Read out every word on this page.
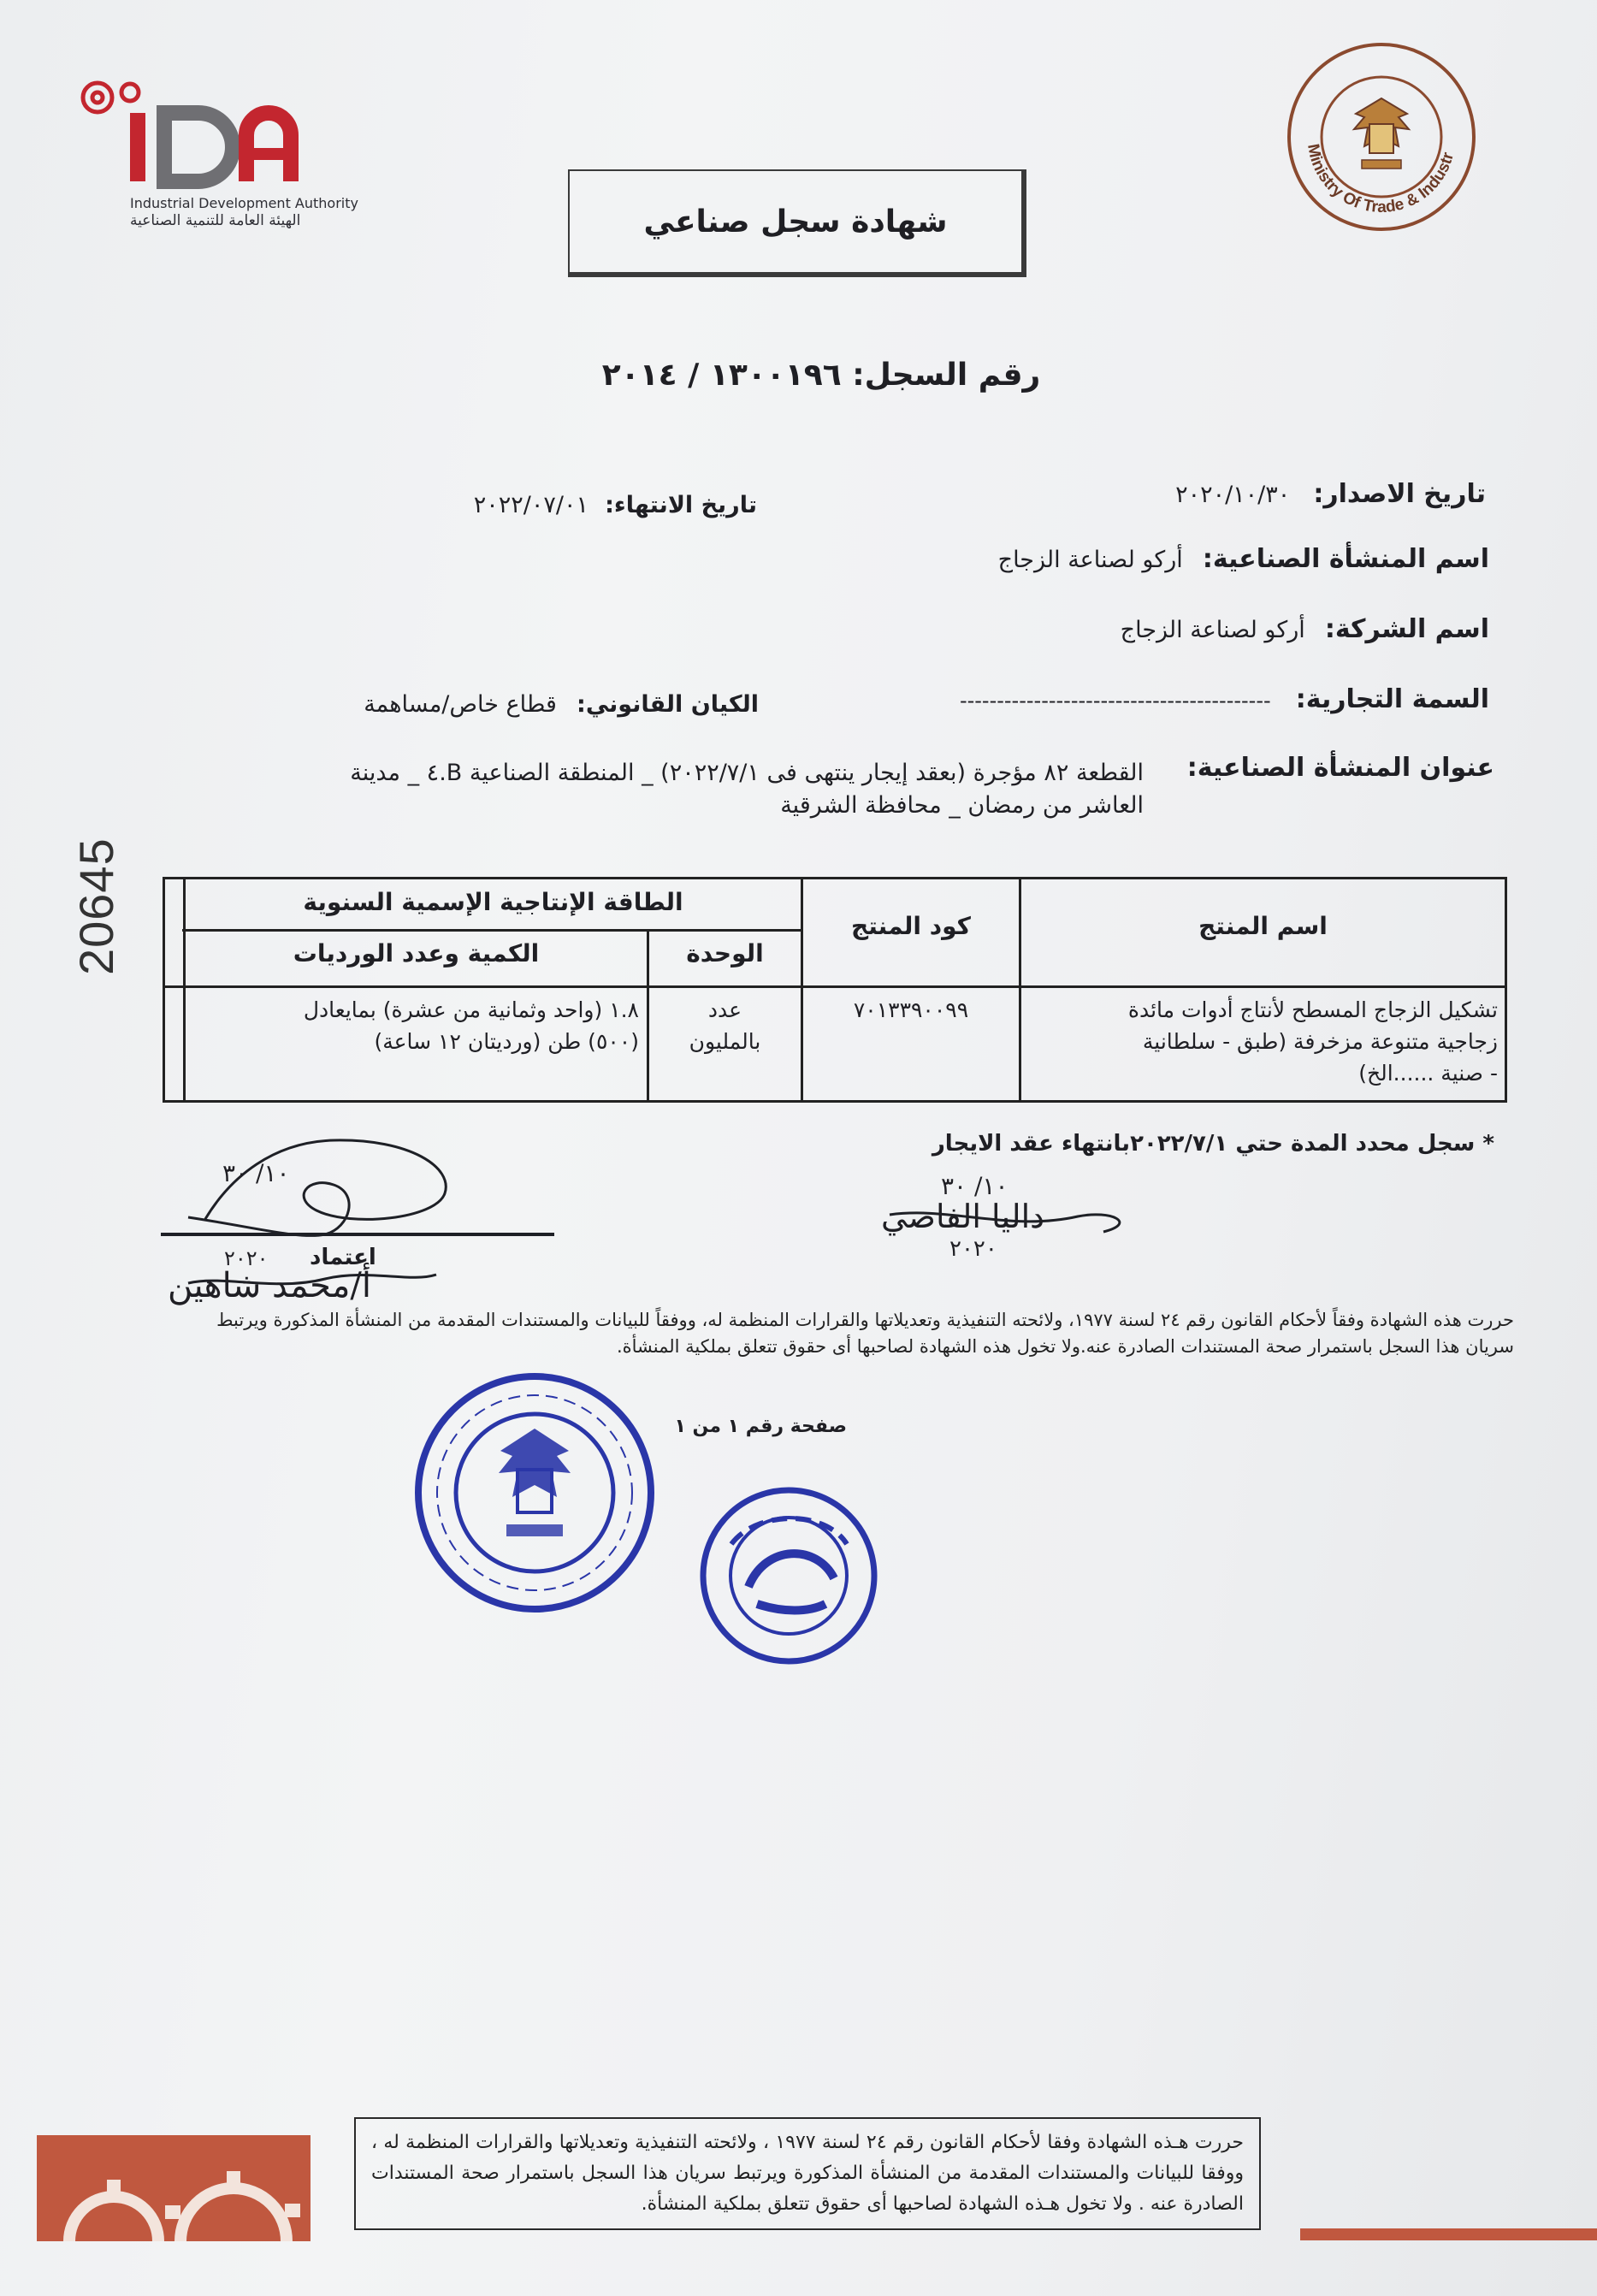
Industrial Development Authority
الهيئة العامة للتنمية الصناعية
Ministry Of Trade & Industr
شهادة سجل صناعي
رقم السجل: ١٣٠٠١٩٦ / ٢٠١٤
تاريخ الاصدار: ٢٠٢٠/١٠/٣٠
تاريخ الانتهاء: ٢٠٢٢/٠٧/٠١
اسم المنشأة الصناعية: أركو لصناعة الزجاج
اسم الشركة: أركو لصناعة الزجاج
السمة التجارية: ------------------------------------------
الكيان القانوني: قطاع خاص/مساهمة
عنوان المنشأة الصناعية:
القطعة ٨٢ مؤجرة (بعقد إيجار ينتهى فى ٢٠٢٢/٧/١) _ المنطقة الصناعية B.٤ _ مدينة
العاشر من رمضان _ محافظة الشرقية
20645	اسم المنتج
كود المنتج
الطاقة الإنتاجية الإسمية السنوية
الوحدة
الكمية وعدد الورديات
تشكيل الزجاج المسطح لأنتاج أدوات مائدة
زجاجية متنوعة مزخرفة (طبق - سلطانية
- صنية ......الخ)
٧٠١٣٣٩٠٠٩٩
عدد
بالمليون
١.٨ (واحد وثمانية من عشرة) بمايعادل
(٥٠٠) طن (ورديتان ١٢ ساعة)
* سجل محدد المدة حتي ٢٠٢٢/٧/١بانتهاء عقد الايجار
١٠/ ٣٠
اعتماد
٢٠٢٠
أ/محمد شاهين
داليا الفاصي
١٠/ ٣٠
٢٠٢٠
حررت هذه الشهادة وفقاً لأحكام القانون رقم ٢٤ لسنة ١٩٧٧، ولائحته التنفيذية وتعديلاتها والقرارات المنظمة له، ووفقاً للبيانات والمستندات المقدمة من المنشأة المذكورة ويرتبط سريان هذا السجل باستمرار صحة المستندات الصادرة عنه.ولا تخول هذه الشهادة لصاحبها أى حقوق تتعلق بملكية المنشأة.
صفحة رقم ١ من ١
حررت هـذه الشهادة وفقا لأحكام القانون رقم ٢٤ لسنة ١٩٧٧ ، ولائحته التنفيذية وتعديلاتها والقرارات المنظمة له ، ووفقا للبيانات والمستندات المقدمة من المنشأة المذكورة ويرتبط سريان هذا السجل باستمرار صحة المستندات الصادرة عنه . ولا تخول هـذه الشهادة لصاحبها أى حقوق تتعلق بملكية المنشأة.
